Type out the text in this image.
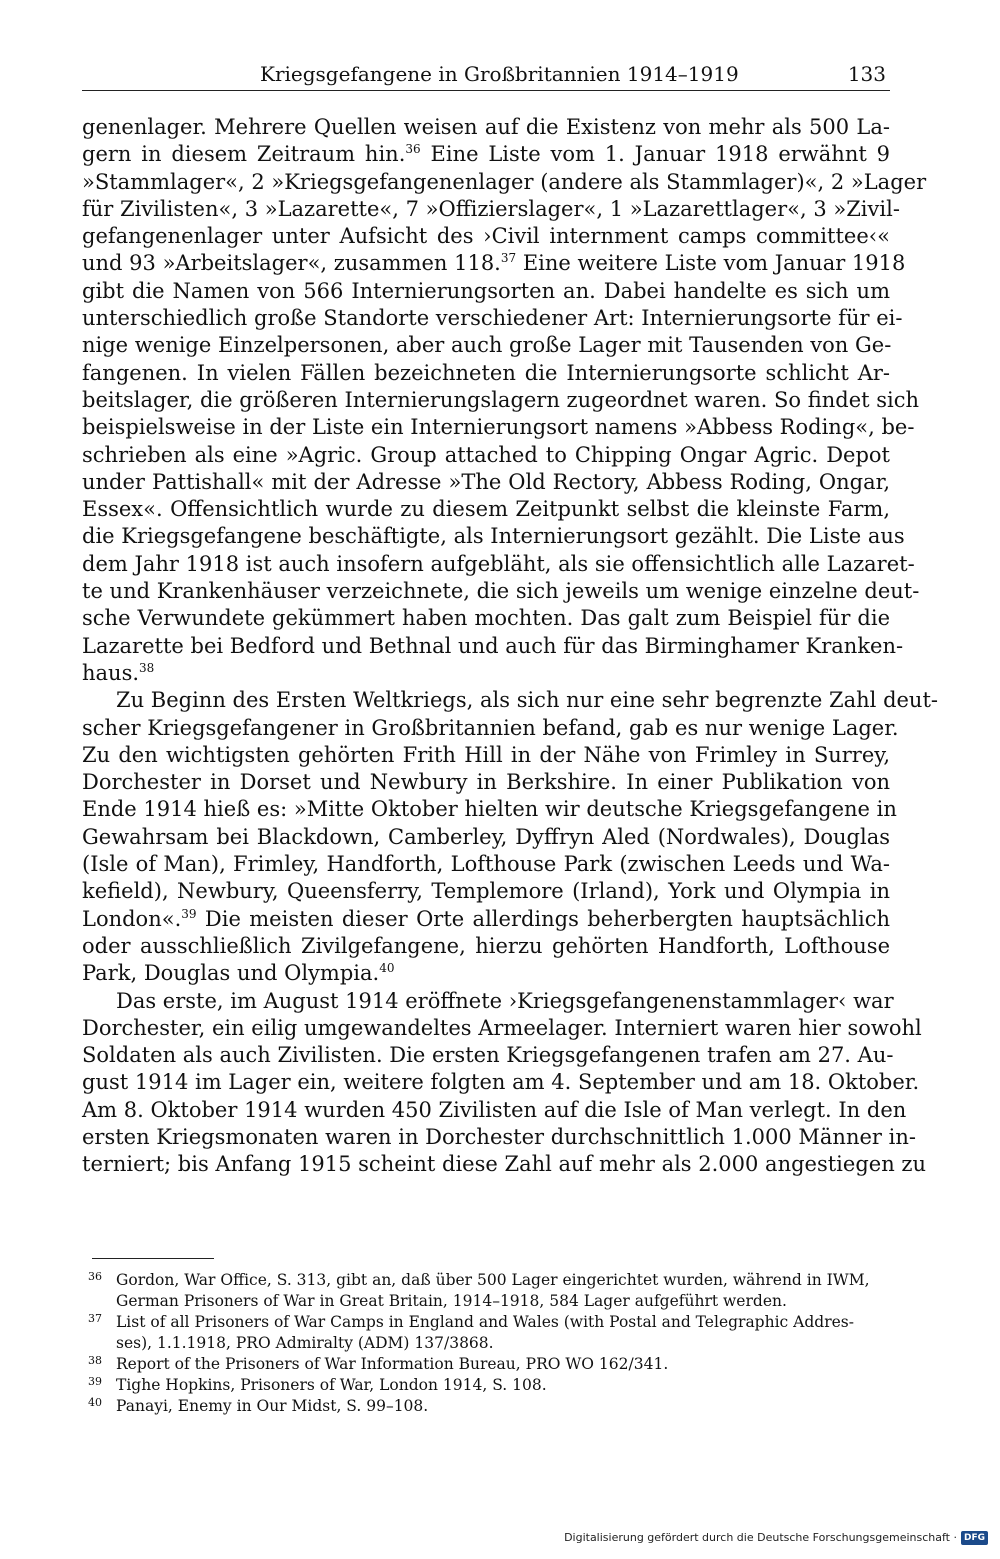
Kriegsgefangene in Großbritannien 1914–1919	133
genenlager. Mehrere Quellen weisen auf die Existenz von mehr als 500 La-
gern in diesem Zeitraum hin.$^{36}$ Eine Liste vom 1. Januar 1918 erwähnt 9
»Stammlager«, 2 »Kriegsgefangenenlager (andere als Stammlager)«, 2 »Lager
für Zivilisten«, 3 »Lazarette«, 7 »Offizierslager«, 1 »Lazarettlager«, 3 »Zivil-
gefangenenlager unter Aufsicht des ›Civil internment camps committee‹«
und 93 »Arbeitslager«, zusammen 118.37 Eine weitere Liste vom Januar 1918
gibt die Namen von 566 Internierungsorten an. Dabei handelte es sich um
unterschiedlich große Standorte verschiedener Art: Internierungsorte für ei-
nige wenige Einzelpersonen, aber auch große Lager mit Tausenden von Ge-
fangenen. In vielen Fällen bezeichneten die Internierungsorte schlicht Ar-
beitslager, die größeren Internierungslagern zugeordnet waren. So findet sich
beispielsweise in der Liste ein Internierungsort namens »Abbess Roding«, be-
schrieben als eine »Agric. Group attached to Chipping Ongar Agric. Depot
under Pattishall« mit der Adresse »The Old Rectory, Abbess Roding, Ongar,
Essex«. Offensichtlich wurde zu diesem Zeitpunkt selbst die kleinste Farm,
die Kriegsgefangene beschäftigte, als Internierungsort gezählt. Die Liste aus
dem Jahr 1918 ist auch insofern aufgebläht, als sie offensichtlich alle Lazaret-
te und Krankenhäuser verzeichnete, die sich jeweils um wenige einzelne deut-
sche Verwundete gekümmert haben mochten. Das galt zum Beispiel für die
Lazarette bei Bedford und Bethnal und auch für das Birminghamer Kranken-
haus.$^{38}$
Zu Beginn des Ersten Weltkriegs, als sich nur eine sehr begrenzte Zahl deut-
scher Kriegsgefangener in Großbritannien befand, gab es nur wenige Lager.
Zu den wichtigsten gehörten Frith Hill in der Nähe von Frimley in Surrey,
Dorchester in Dorset und Newbury in Berkshire. In einer Publikation von
Ende 1914 hieß es: »Mitte Oktober hielten wir deutsche Kriegsgefangene in
Gewahrsam bei Blackdown, Camberley, Dyffryn Aled (Nordwales), Douglas
(Isle of Man), Frimley, Handforth, Lofthouse Park (zwischen Leeds und Wa-
kefield), Newbury, Queensferry, Templemore (Irland), York und Olympia in
London«.$^{39}$ Die meisten dieser Orte allerdings beherbergten hauptsächlich
oder ausschließlich Zivilgefangene, hierzu gehörten Handforth, Lofthouse
Park, Douglas und Olympia.$^{40}$
Das erste, im August 1914 eröffnete ›Kriegsgefangenenstammlager‹ war
Dorchester, ein eilig umgewandeltes Armeelager. Interniert waren hier sowohl
Soldaten als auch Zivilisten. Die ersten Kriegsgefangenen trafen am 27. Au-
gust 1914 im Lager ein, weitere folgten am 4. September und am 18. Oktober.
Am 8. Oktober 1914 wurden 450 Zivilisten auf die Isle of Man verlegt. In den
ersten Kriegsmonaten waren in Dorchester durchschnittlich 1.000 Männer in-
terniert; bis Anfang 1915 scheint diese Zahl auf mehr als 2.000 angestiegen zu
36 Gordon, War Office, S. 313, gibt an, daß über 500 Lager eingerichtet wurden, während in IWM,
German Prisoners of War in Great Britain, 1914–1918, 584 Lager aufgeführt werden.
37 List of all Prisoners of War Camps in England and Wales (with Postal and Telegraphic Addres-
ses), 1.1.1918, PRO Admiralty (ADM) 137/3868.
38 Report of the Prisoners of War Information Bureau, PRO WO 162/341.
39 Tighe Hopkins, Prisoners of War, London 1914, S. 108.
40 Panayi, Enemy in Our Midst, S. 99–108.
Digitalisierung gefördert durch die Deutsche Forschungsgemeinschaft · DFG
